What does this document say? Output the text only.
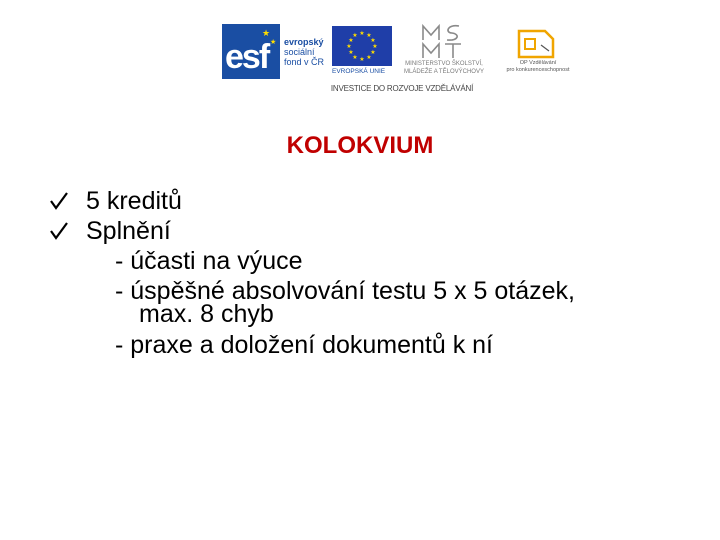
★
★
esf evropský
sociální
fond v ČR
★ ★
★
★
★
★
★
★
★
★
★
★
EVROPSKÁ UNIE
MINISTERSTVO ŠKOLSTVÍ,
MLÁDEŽE A TĚLOVÝCHOVY
OP Vzdělávání
pro konkurenceschopnost
INVESTICE DO ROZVOJE VZDĚLÁVÁNÍ
KOLOKVIUM
5 kreditů
Splnění
- účasti na výuce
- úspěšné absolvování testu 5 x 5 otázek,
max. 8 chyb
- praxe a doložení dokumentů k ní
